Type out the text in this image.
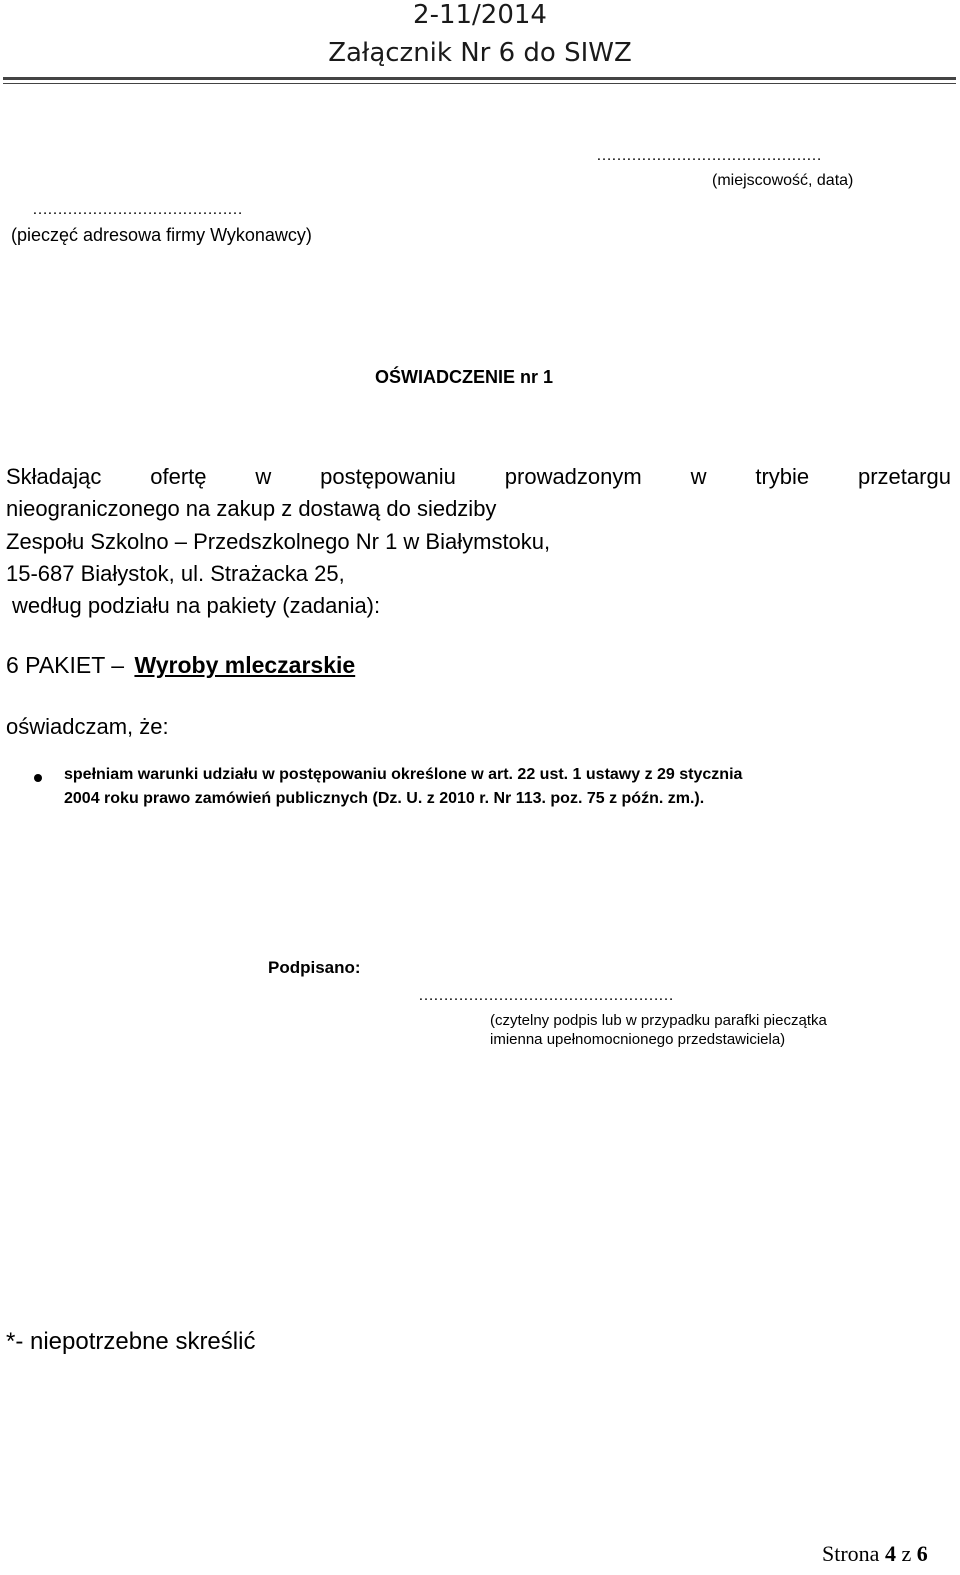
2-11/2014
Załącznik Nr 6 do SIWZ
………………………………………
(miejscowość, data)
……………………………………
(pieczęć adresowa firmy Wykonawcy)
OŚWIADCZENIE nr 1
Składając ofertę w postępowaniu prowadzonym w trybie przetargu
nieograniczonego na zakup z dostawą do siedziby
Zespołu Szkolno – Przedszkolnego Nr 1 w Białymstoku,
15-687 Białystok, ul. Strażacka 25,
według podziału na pakiety (zadania):
6 PAKIET – Wyroby mleczarskie
oświadczam, że:
spełniam warunki udziału w postępowaniu określone w art. 22 ust. 1 ustawy z 29 stycznia
2004 roku prawo zamówień publicznych (Dz. U. z 2010 r. Nr 113. poz. 75 z późn. zm.).
Podpisano:
……………………………………………
(czytelny podpis lub w przypadku parafki pieczątka
imienna upełnomocnionego przedstawiciela)
*- niepotrzebne skreślić
Strona 4 z 6
